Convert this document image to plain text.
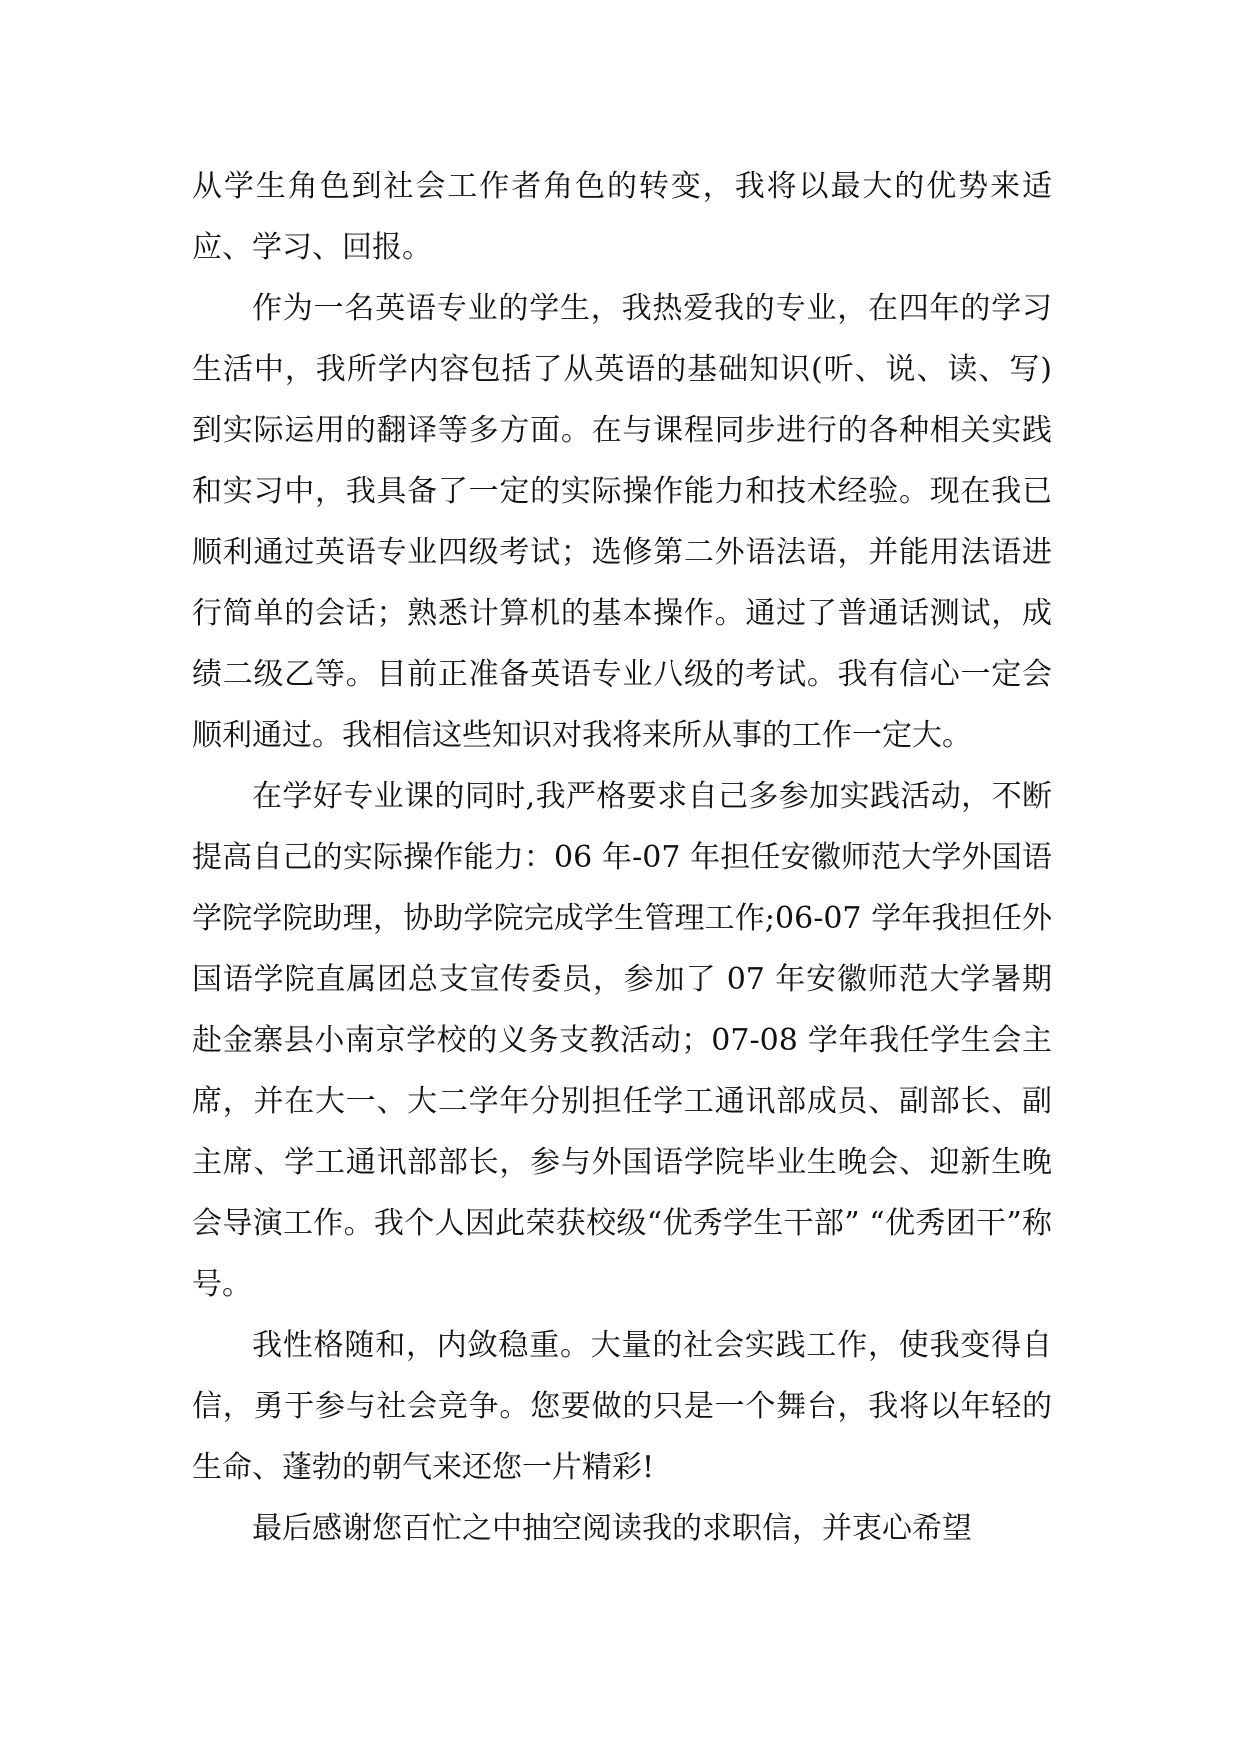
从学生角色到社会工作者角色的转变，我将以最大的优势来适应、学习、回报。

作为一名英语专业的学生，我热爱我的专业，在四年的学习生活中，我所学内容包括了从英语的基础知识(听、说、读、写)到实际运用的翻译等多方面。在与课程同步进行的各种相关实践和实习中，我具备了一定的实际操作能力和技术经验。现在我已顺利通过英语专业四级考试；选修第二外语法语，并能用法语进行简单的会话；熟悉计算机的基本操作。通过了普通话测试，成绩二级乙等。目前正准备英语专业八级的考试。我有信心一定会顺利通过。我相信这些知识对我将来所从事的工作一定大。

在学好专业课的同时,我严格要求自己多参加实践活动，不断提高自己的实际操作能力：06 年-07 年担任安徽师范大学外国语学院学院助理，协助学院完成学生管理工作;06-07 学年我担任外国语学院直属团总支宣传委员，参加了 07 年安徽师范大学暑期赴金寨县小南京学校的义务支教活动；07-08 学年我任学生会主席，并在大一、大二学年分别担任学工通讯部成员、副部长、副主席、学工通讯部部长，参与外国语学院毕业生晚会、迎新生晚会导演工作。我个人因此荣获校级“优秀学生干部” “优秀团干”称号。

我性格随和，内敛稳重。大量的社会实践工作，使我变得自信，勇于参与社会竞争。您要做的只是一个舞台，我将以年轻的生命、蓬勃的朝气来还您一片精彩!

最后感谢您百忙之中抽空阅读我的求职信，并衷心希望
